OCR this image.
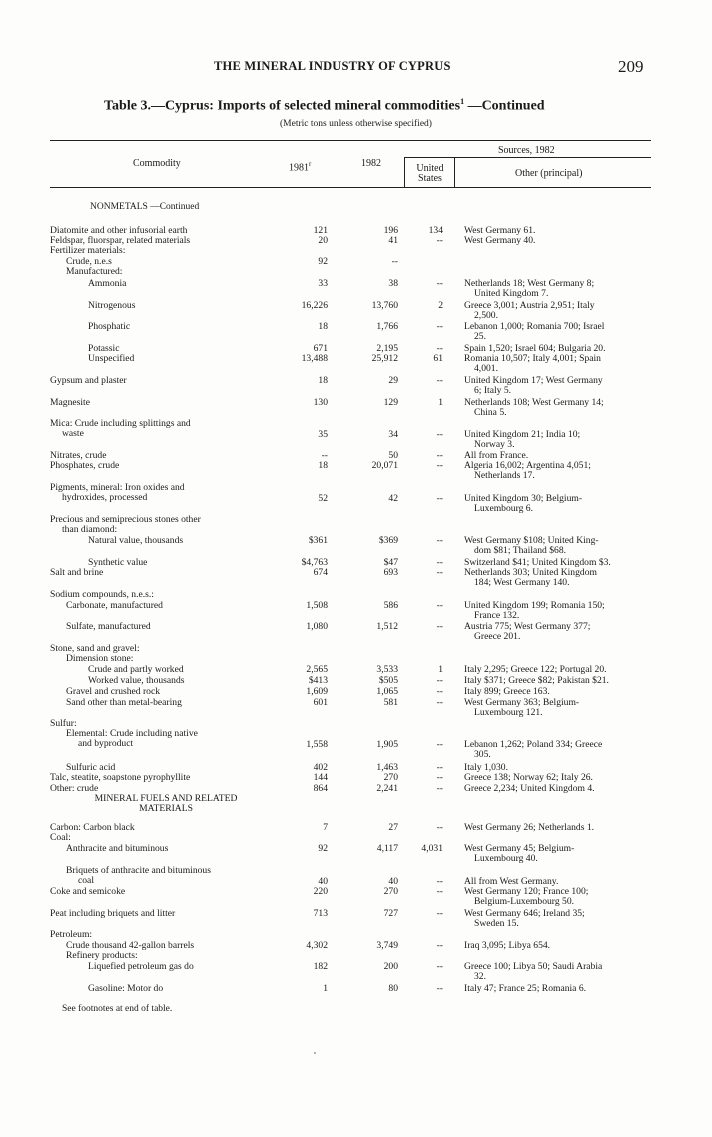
THE MINERAL INDUSTRY OF CYPRUS	209
Table 3.—Cyprus: Imports of selected mineral commodities$^1$ —Continued
(Metric tons unless otherwise specified)
Commodity	1981$^r$	1982
Sources, 1982
United
States	Other (principal)
NONMETALS —Continued
Diatomite and other infusorial earth	121	196	134 West Germany 61.
Feldspar, fluorspar, related materials	20	41	-- West Germany 40.
Fertilizer materials:
Crude, n.e.s	92	--
Manufactured:
Ammonia	33	38	-- Netherlands 18; West Germany 8;
United Kingdom 7.
Nitrogenous	16,226	13,760	2 Greece 3,001; Austria 2,951; Italy
2,500.
Phosphatic	18	1,766	-- Lebanon 1,000; Romania 700; Israel
25.
Potassic	671	2,195	-- Spain 1,520; Israel 604; Bulgaria 20.
Unspecified	13,488	25,912	61 Romania 10,507; Italy 4,001; Spain
4,001.
Gypsum and plaster	18	29	-- United Kingdom 17; West Germany
6; Italy 5.
Magnesite	130	129	1 Netherlands 108; West Germany 14;
China 5.
Mica: Crude including splittings and
waste	35	34	-- United Kingdom 21; India 10;
Norway 3.
Nitrates, crude	--	50	-- All from France.
Phosphates, crude	18	20,071	-- Algeria 16,002; Argentina 4,051;
Netherlands 17.
Pigments, mineral: Iron oxides and
hydroxides, processed	52	42	-- United Kingdom 30; Belgium-
Luxembourg 6.
Precious and semiprecious stones other
than diamond:
Natural value, thousands	$361	$369	-- West Germany $108; United King-
dom $81; Thailand $68.
Synthetic value	$4,763	$47	-- Switzerland $41; United Kingdom $3.
Salt and brine	674	693	-- Netherlands 303; United Kingdom
184; West Germany 140.
Sodium compounds, n.e.s.:
Carbonate, manufactured	1,508	586	-- United Kingdom 199; Romania 150;
France 132.
Sulfate, manufactured	1,080	1,512	-- Austria 775; West Germany 377;
Greece 201.
Stone, sand and gravel:
Dimension stone:
Crude and partly worked	2,565	3,533	1 Italy 2,295; Greece 122; Portugal 20.
Worked value, thousands	$413	$505	-- Italy $371; Greece $82; Pakistan $21.
Gravel and crushed rock	1,609	1,065	-- Italy 899; Greece 163.
Sand other than metal-bearing	601	581	-- West Germany 363; Belgium-
Luxembourg 121.
Sulfur:
Elemental: Crude including native
and byproduct	1,558	1,905	-- Lebanon 1,262; Poland 334; Greece
305.
Sulfuric acid	402	1,463	-- Italy 1,030.
Talc, steatite, soapstone pyrophyllite	144	270	-- Greece 138; Norway 62; Italy 26.
Other: crude	864	2,241	-- Greece 2,234; United Kingdom 4.
MINERAL FUELS AND RELATED
MATERIALS
Carbon: Carbon black	7	27	-- West Germany 26; Netherlands 1.
Coal:
Anthracite and bituminous	92	4,117	4,031 West Germany 45; Belgium-
Luxembourg 40.
Briquets of anthracite and bituminous
coal	40	40	-- All from West Germany.
Coke and semicoke	220	270	-- West Germany 120; France 100;
Belgium-Luxembourg 50.
Peat including briquets and litter	713	727	-- West Germany 646; Ireland 35;
Sweden 15.
Petroleum:
Crude thousand 42-gallon barrels	4,302	3,749	-- Iraq 3,095; Libya 654.
Refinery products:
Liquefied petroleum gas do	182	200	-- Greece 100; Libya 50; Saudi Arabia
32.
Gasoline: Motor do	1	80	-- Italy 47; France 25; Romania 6.
See footnotes at end of table.
